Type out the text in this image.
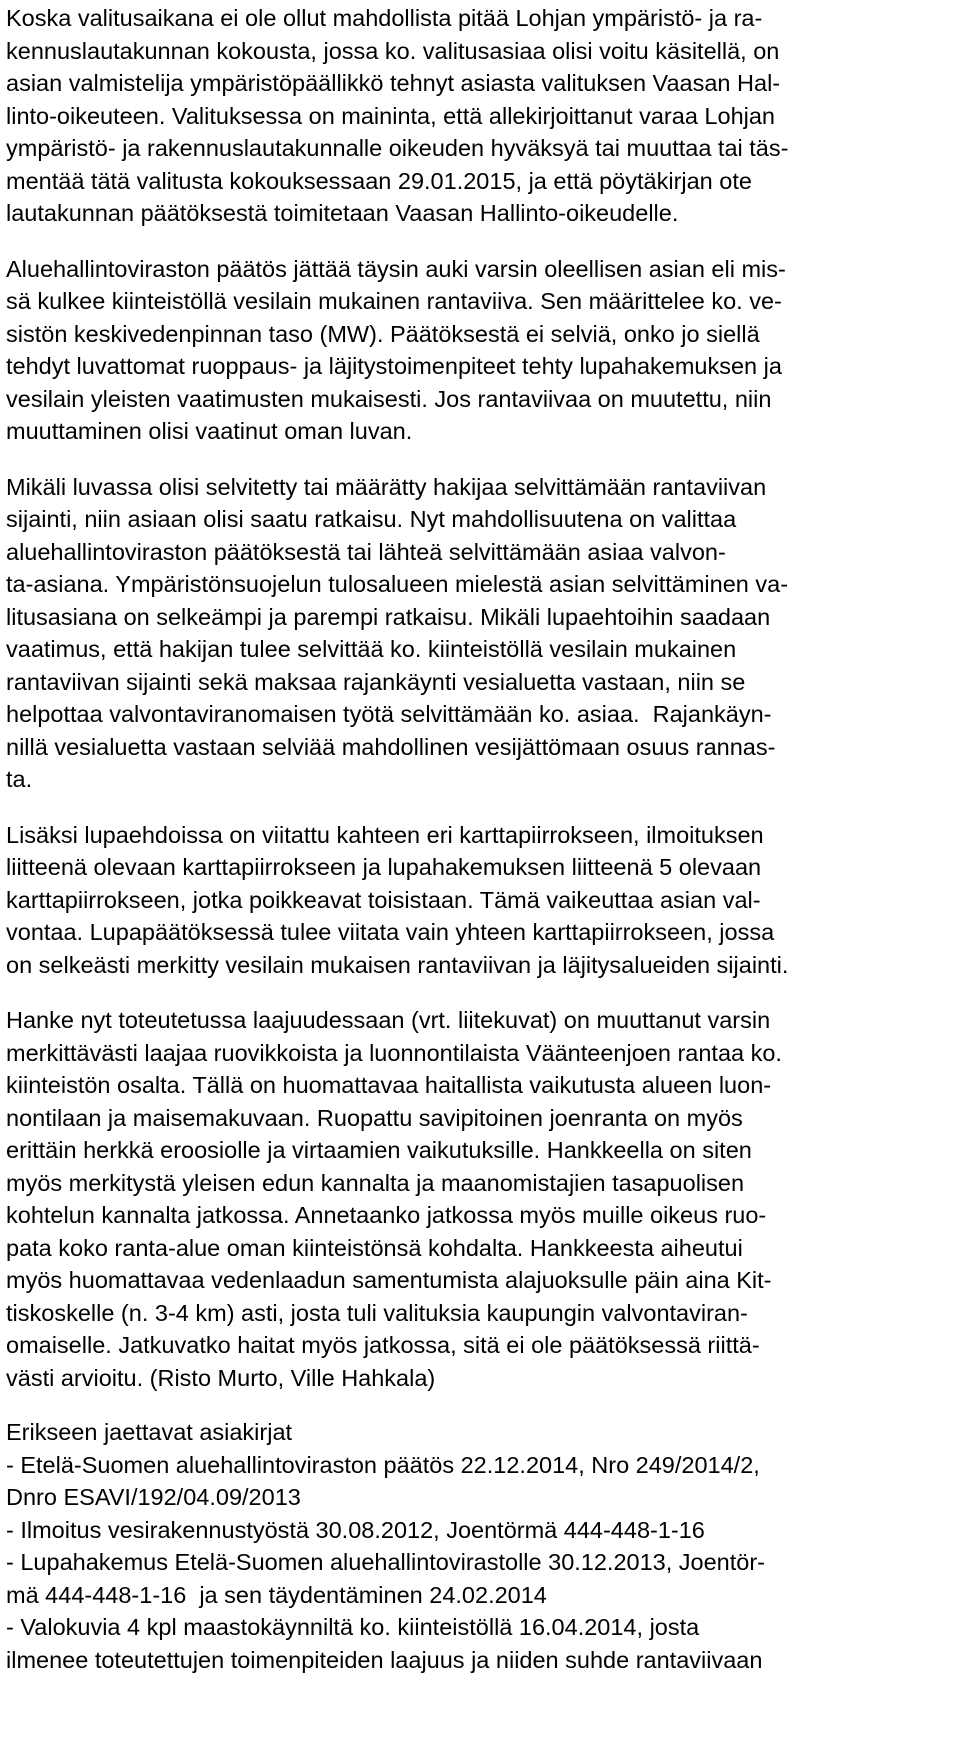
Koska valitusaikana ei ole ollut mahdollista pitää Lohjan ympäristö- ja ra-
kennuslautakunnan kokousta, jossa ko. valitusasiaa olisi voitu käsitellä, on
asian valmistelija ympäristöpäällikkö tehnyt asiasta valituksen Vaasan Hal-
linto-oikeuteen. Valituksessa on maininta, että allekirjoittanut varaa Lohjan
ympäristö- ja rakennuslautakunnalle oikeuden hyväksyä tai muuttaa tai täs-
mentää tätä valitusta kokouksessaan 29.01.2015, ja että pöytäkirjan ote
lautakunnan päätöksestä toimitetaan Vaasan Hallinto-oikeudelle.
Aluehallintoviraston päätös jättää täysin auki varsin oleellisen asian eli mis-
sä kulkee kiinteistöllä vesilain mukainen rantaviiva. Sen määrittelee ko. ve-
sistön keskivedenpinnan taso (MW). Päätöksestä ei selviä, onko jo siellä
tehdyt luvattomat ruoppaus- ja läjitystoimenpiteet tehty lupahakemuksen ja
vesilain yleisten vaatimusten mukaisesti. Jos rantaviivaa on muutettu, niin
muuttaminen olisi vaatinut oman luvan.
Mikäli luvassa olisi selvitetty tai määrätty hakijaa selvittämään rantaviivan
sijainti, niin asiaan olisi saatu ratkaisu. Nyt mahdollisuutena on valittaa
aluehallintoviraston päätöksestä tai lähteä selvittämään asiaa valvon-
ta-asiana. Ympäristönsuojelun tulosalueen mielestä asian selvittäminen va-
litusasiana on selkeämpi ja parempi ratkaisu. Mikäli lupaehtoihin saadaan
vaatimus, että hakijan tulee selvittää ko. kiinteistöllä vesilain mukainen
rantaviivan sijainti sekä maksaa rajankäynti vesialuetta vastaan, niin se
helpottaa valvontaviranomaisen työtä selvittämään ko. asiaa.  Rajankäyn-
nillä vesialuetta vastaan selviää mahdollinen vesijättömaan osuus rannas-
ta.
Lisäksi lupaehdoissa on viitattu kahteen eri karttapiirrokseen, ilmoituksen
liitteenä olevaan karttapiirrokseen ja lupahakemuksen liitteenä 5 olevaan
karttapiirrokseen, jotka poikkeavat toisistaan. Tämä vaikeuttaa asian val-
vontaa. Lupapäätöksessä tulee viitata vain yhteen karttapiirrokseen, jossa
on selkeästi merkitty vesilain mukaisen rantaviivan ja läjitysalueiden sijainti.
Hanke nyt toteutetussa laajuudessaan (vrt. liitekuvat) on muuttanut varsin
merkittävästi laajaa ruovikkoista ja luonnontilaista Väänteenjoen rantaa ko.
kiinteistön osalta. Tällä on huomattavaa haitallista vaikutusta alueen luon-
nontilaan ja maisemakuvaan. Ruopattu savipitoinen joenranta on myös
erittäin herkkä eroosiolle ja virtaamien vaikutuksille. Hankkeella on siten
myös merkitystä yleisen edun kannalta ja maanomistajien tasapuolisen
kohtelun kannalta jatkossa. Annetaanko jatkossa myös muille oikeus ruo-
pata koko ranta-alue oman kiinteistönsä kohdalta. Hankkeesta aiheutui
myös huomattavaa vedenlaadun samentumista alajuoksulle päin aina Kit-
tiskoskelle (n. 3-4 km) asti, josta tuli valituksia kaupungin valvontaviran-
omaiselle. Jatkuvatko haitat myös jatkossa, sitä ei ole päätöksessä riittä-
västi arvioitu. (Risto Murto, Ville Hahkala)
Erikseen jaettavat asiakirjat
- Etelä-Suomen aluehallintoviraston päätös 22.12.2014, Nro 249/2014/2,
Dnro ESAVI/192/04.09/2013
- Ilmoitus vesirakennustyöstä 30.08.2012, Joentörmä 444-448-1-16
- Lupahakemus Etelä-Suomen aluehallintovirastolle 30.12.2013, Joentör-
mä 444-448-1-16  ja sen täydentäminen 24.02.2014
- Valokuvia 4 kpl maastokäynniltä ko. kiinteistöllä 16.04.2014, josta
ilmenee toteutettujen toimenpiteiden laajuus ja niiden suhde rantaviivaan
